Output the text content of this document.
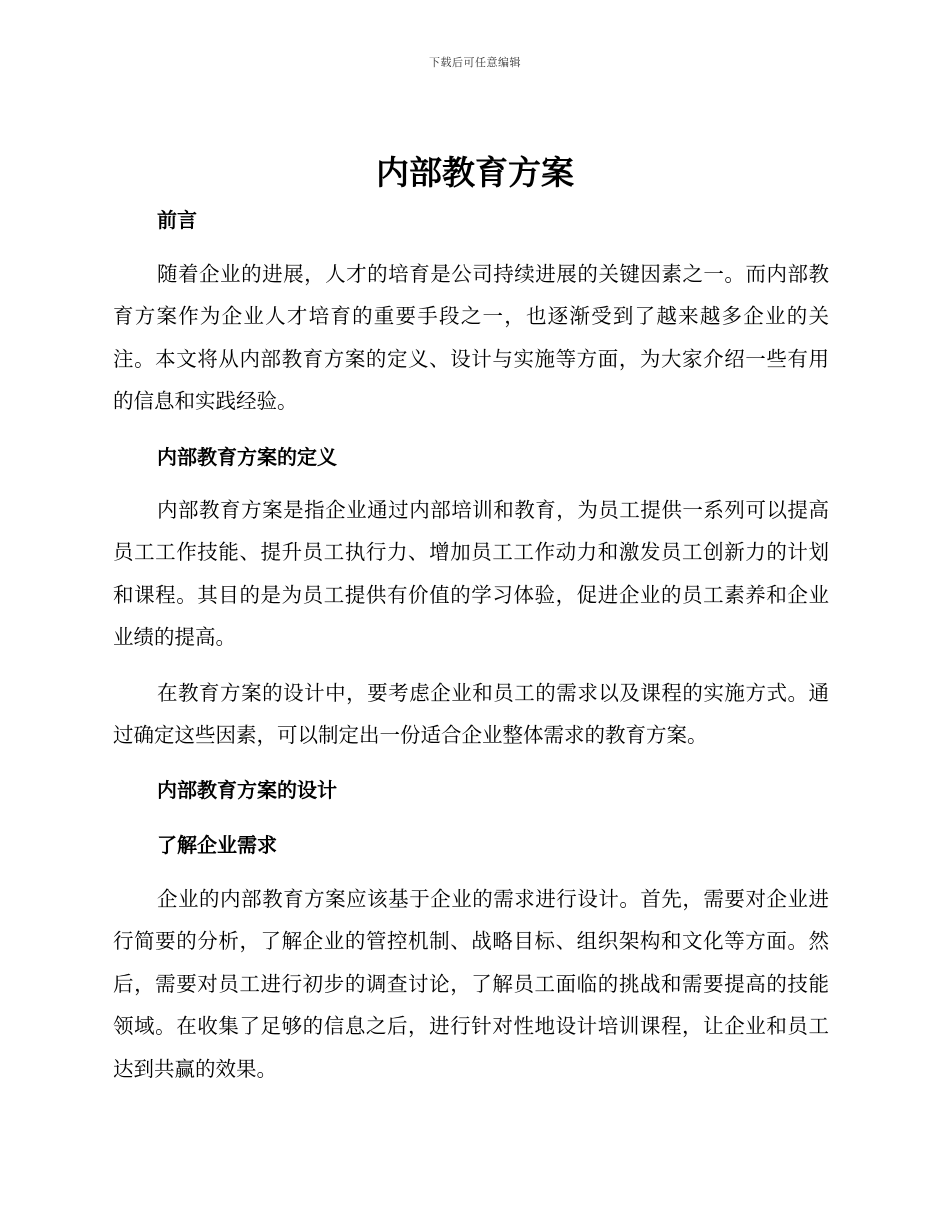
下载后可任意编辑
内部教育方案
前言

随着企业的进展，人才的培育是公司持续进展的关键因素之一。而内部教育方案作为企业人才培育的重要手段之一，也逐渐受到了越来越多企业的关注。本文将从内部教育方案的定义、设计与实施等方面，为大家介绍一些有用的信息和实践经验。

内部教育方案的定义

内部教育方案是指企业通过内部培训和教育，为员工提供一系列可以提高员工工作技能、提升员工执行力、增加员工工作动力和激发员工创新力的计划和课程。其目的是为员工提供有价值的学习体验，促进企业的员工素养和企业业绩的提高。

在教育方案的设计中，要考虑企业和员工的需求以及课程的实施方式。通过确定这些因素，可以制定出一份适合企业整体需求的教育方案。

内部教育方案的设计
了解企业需求

企业的内部教育方案应该基于企业的需求进行设计。首先，需要对企业进行简要的分析，了解企业的管控机制、战略目标、组织架构和文化等方面。然后，需要对员工进行初步的调查讨论，了解员工面临的挑战和需要提高的技能领域。在收集了足够的信息之后，进行针对性地设计培训课程，让企业和员工达到共赢的效果。
